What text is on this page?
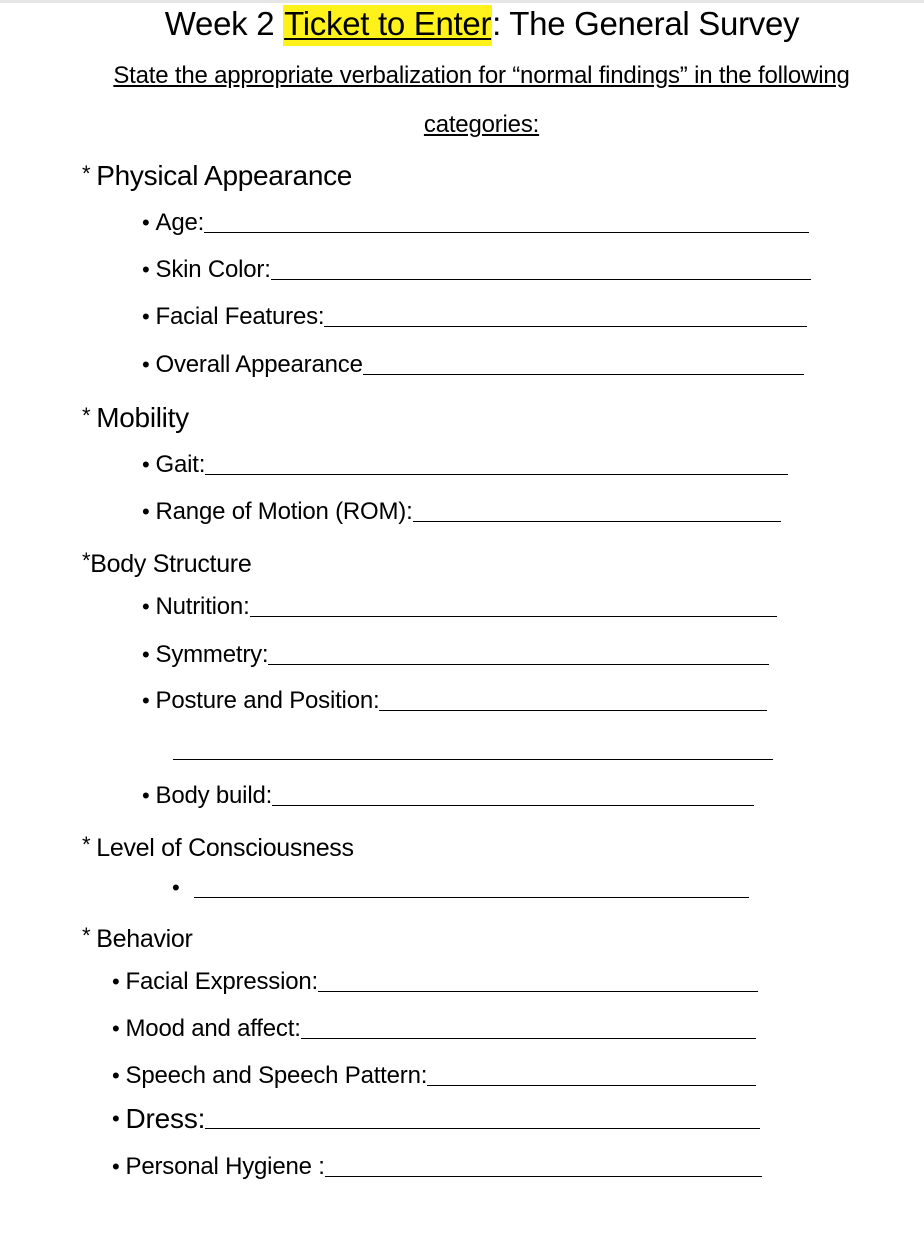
Week 2 Ticket to Enter: The General Survey
State the appropriate verbalization for “normal findings” in the following
categories:
* Physical Appearance
• Age:
• Skin Color:
• Facial Features:
• Overall Appearance
* Mobility
• Gait:
• Range of Motion (ROM):
*Body Structure
• Nutrition:
• Symmetry:
• Posture and Position:
• Body build:
* Level of Consciousness
•
* Behavior
• Facial Expression:
• Mood and affect:
• Speech and Speech Pattern:
• Dress:
• Personal Hygiene :
